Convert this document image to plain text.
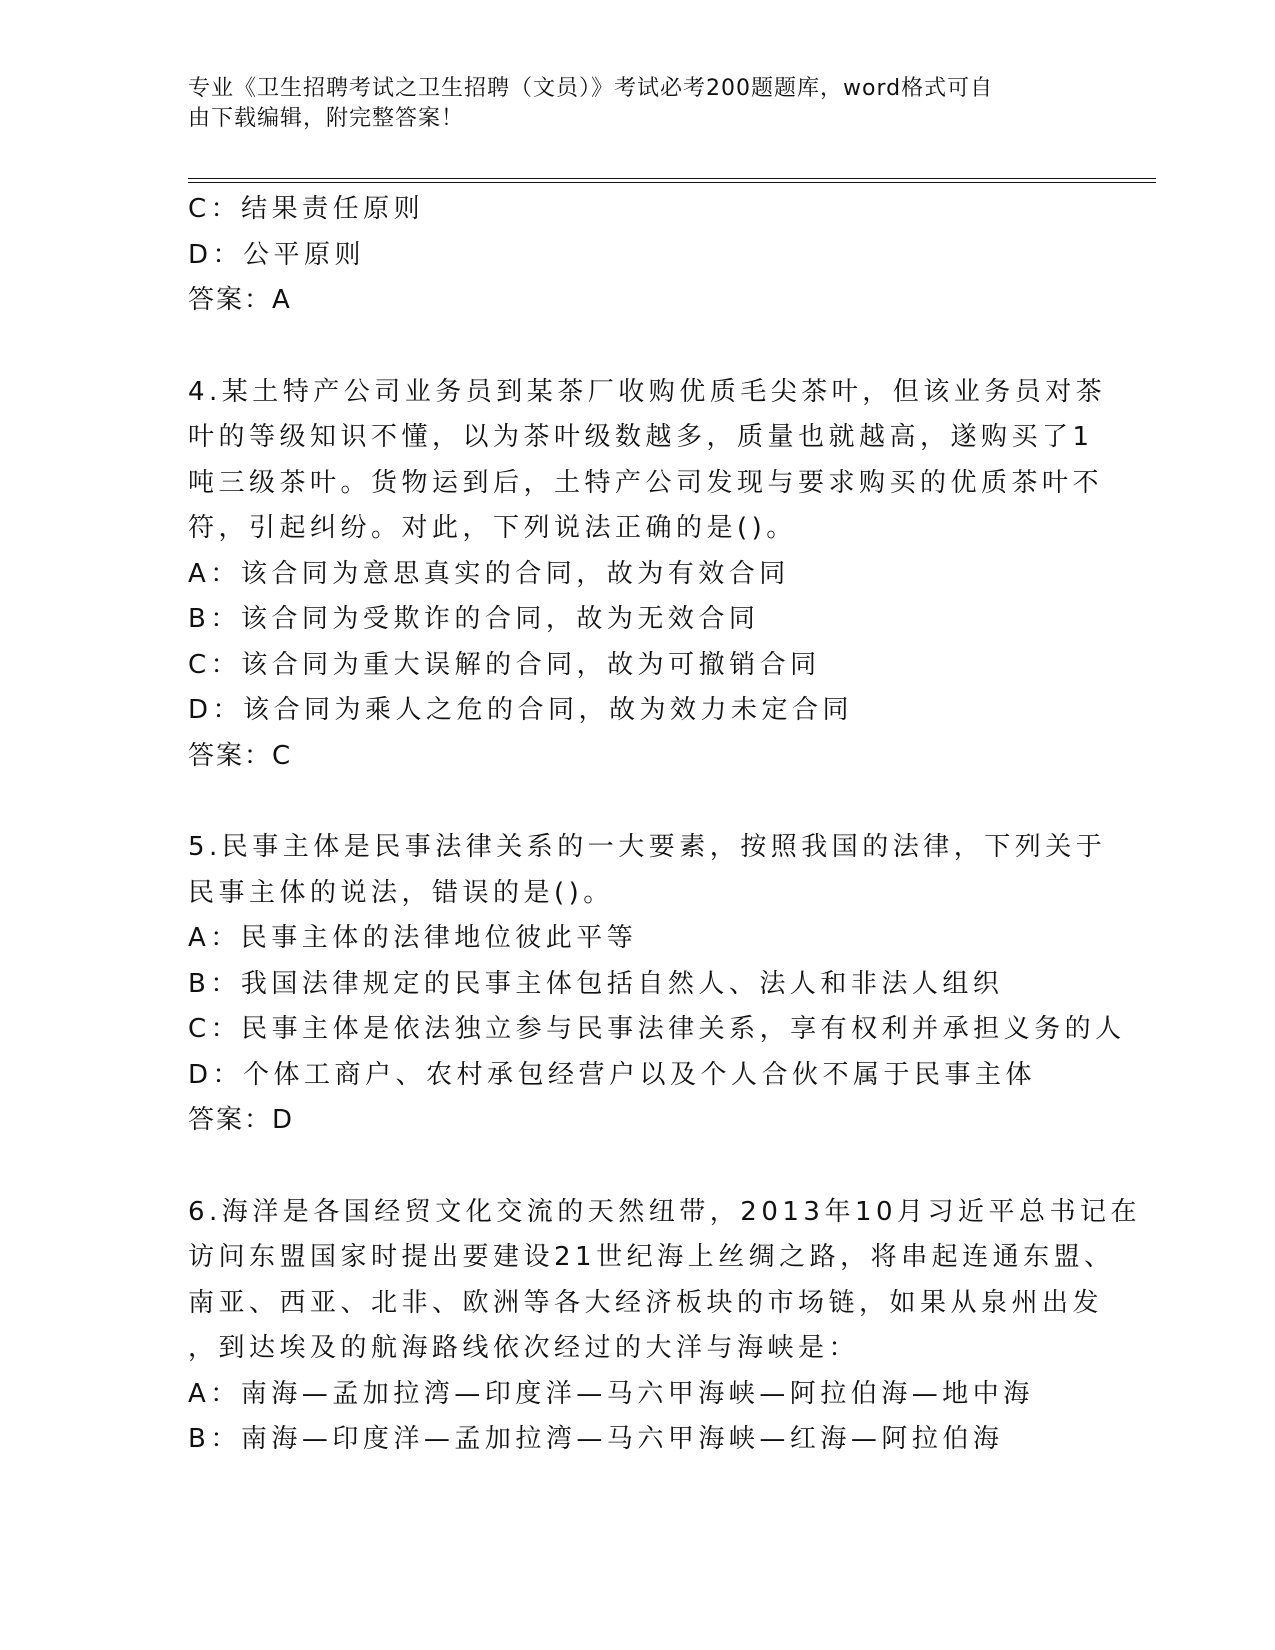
专业《卫生招聘考试之卫生招聘（文员）》考试必考200题题库，word格式可自
由下载编辑，附完整答案！
C：结果责任原则
D：公平原则
答案：A
4.某土特产公司业务员到某茶厂收购优质毛尖茶叶，但该业务员对茶
叶的等级知识不懂，以为茶叶级数越多，质量也就越高，遂购买了1
吨三级茶叶。货物运到后，土特产公司发现与要求购买的优质茶叶不
符，引起纠纷。对此，下列说法正确的是()。
A：该合同为意思真实的合同，故为有效合同
B：该合同为受欺诈的合同，故为无效合同
C：该合同为重大误解的合同，故为可撤销合同
D：该合同为乘人之危的合同，故为效力未定合同
答案：C
5.民事主体是民事法律关系的一大要素，按照我国的法律，下列关于
民事主体的说法，错误的是()。
A：民事主体的法律地位彼此平等
B：我国法律规定的民事主体包括自然人、法人和非法人组织
C：民事主体是依法独立参与民事法律关系，享有权利并承担义务的人
D：个体工商户、农村承包经营户以及个人合伙不属于民事主体
答案：D
6.海洋是各国经贸文化交流的天然纽带，2013年10月习近平总书记在
访问东盟国家时提出要建设21世纪海上丝绸之路，将串起连通东盟、
南亚、西亚、北非、欧洲等各大经济板块的市场链，如果从泉州出发
，到达埃及的航海路线依次经过的大洋与海峡是：
A：南海—孟加拉湾—印度洋—马六甲海峡—阿拉伯海—地中海
B：南海—印度洋—孟加拉湾—马六甲海峡—红海—阿拉伯海
